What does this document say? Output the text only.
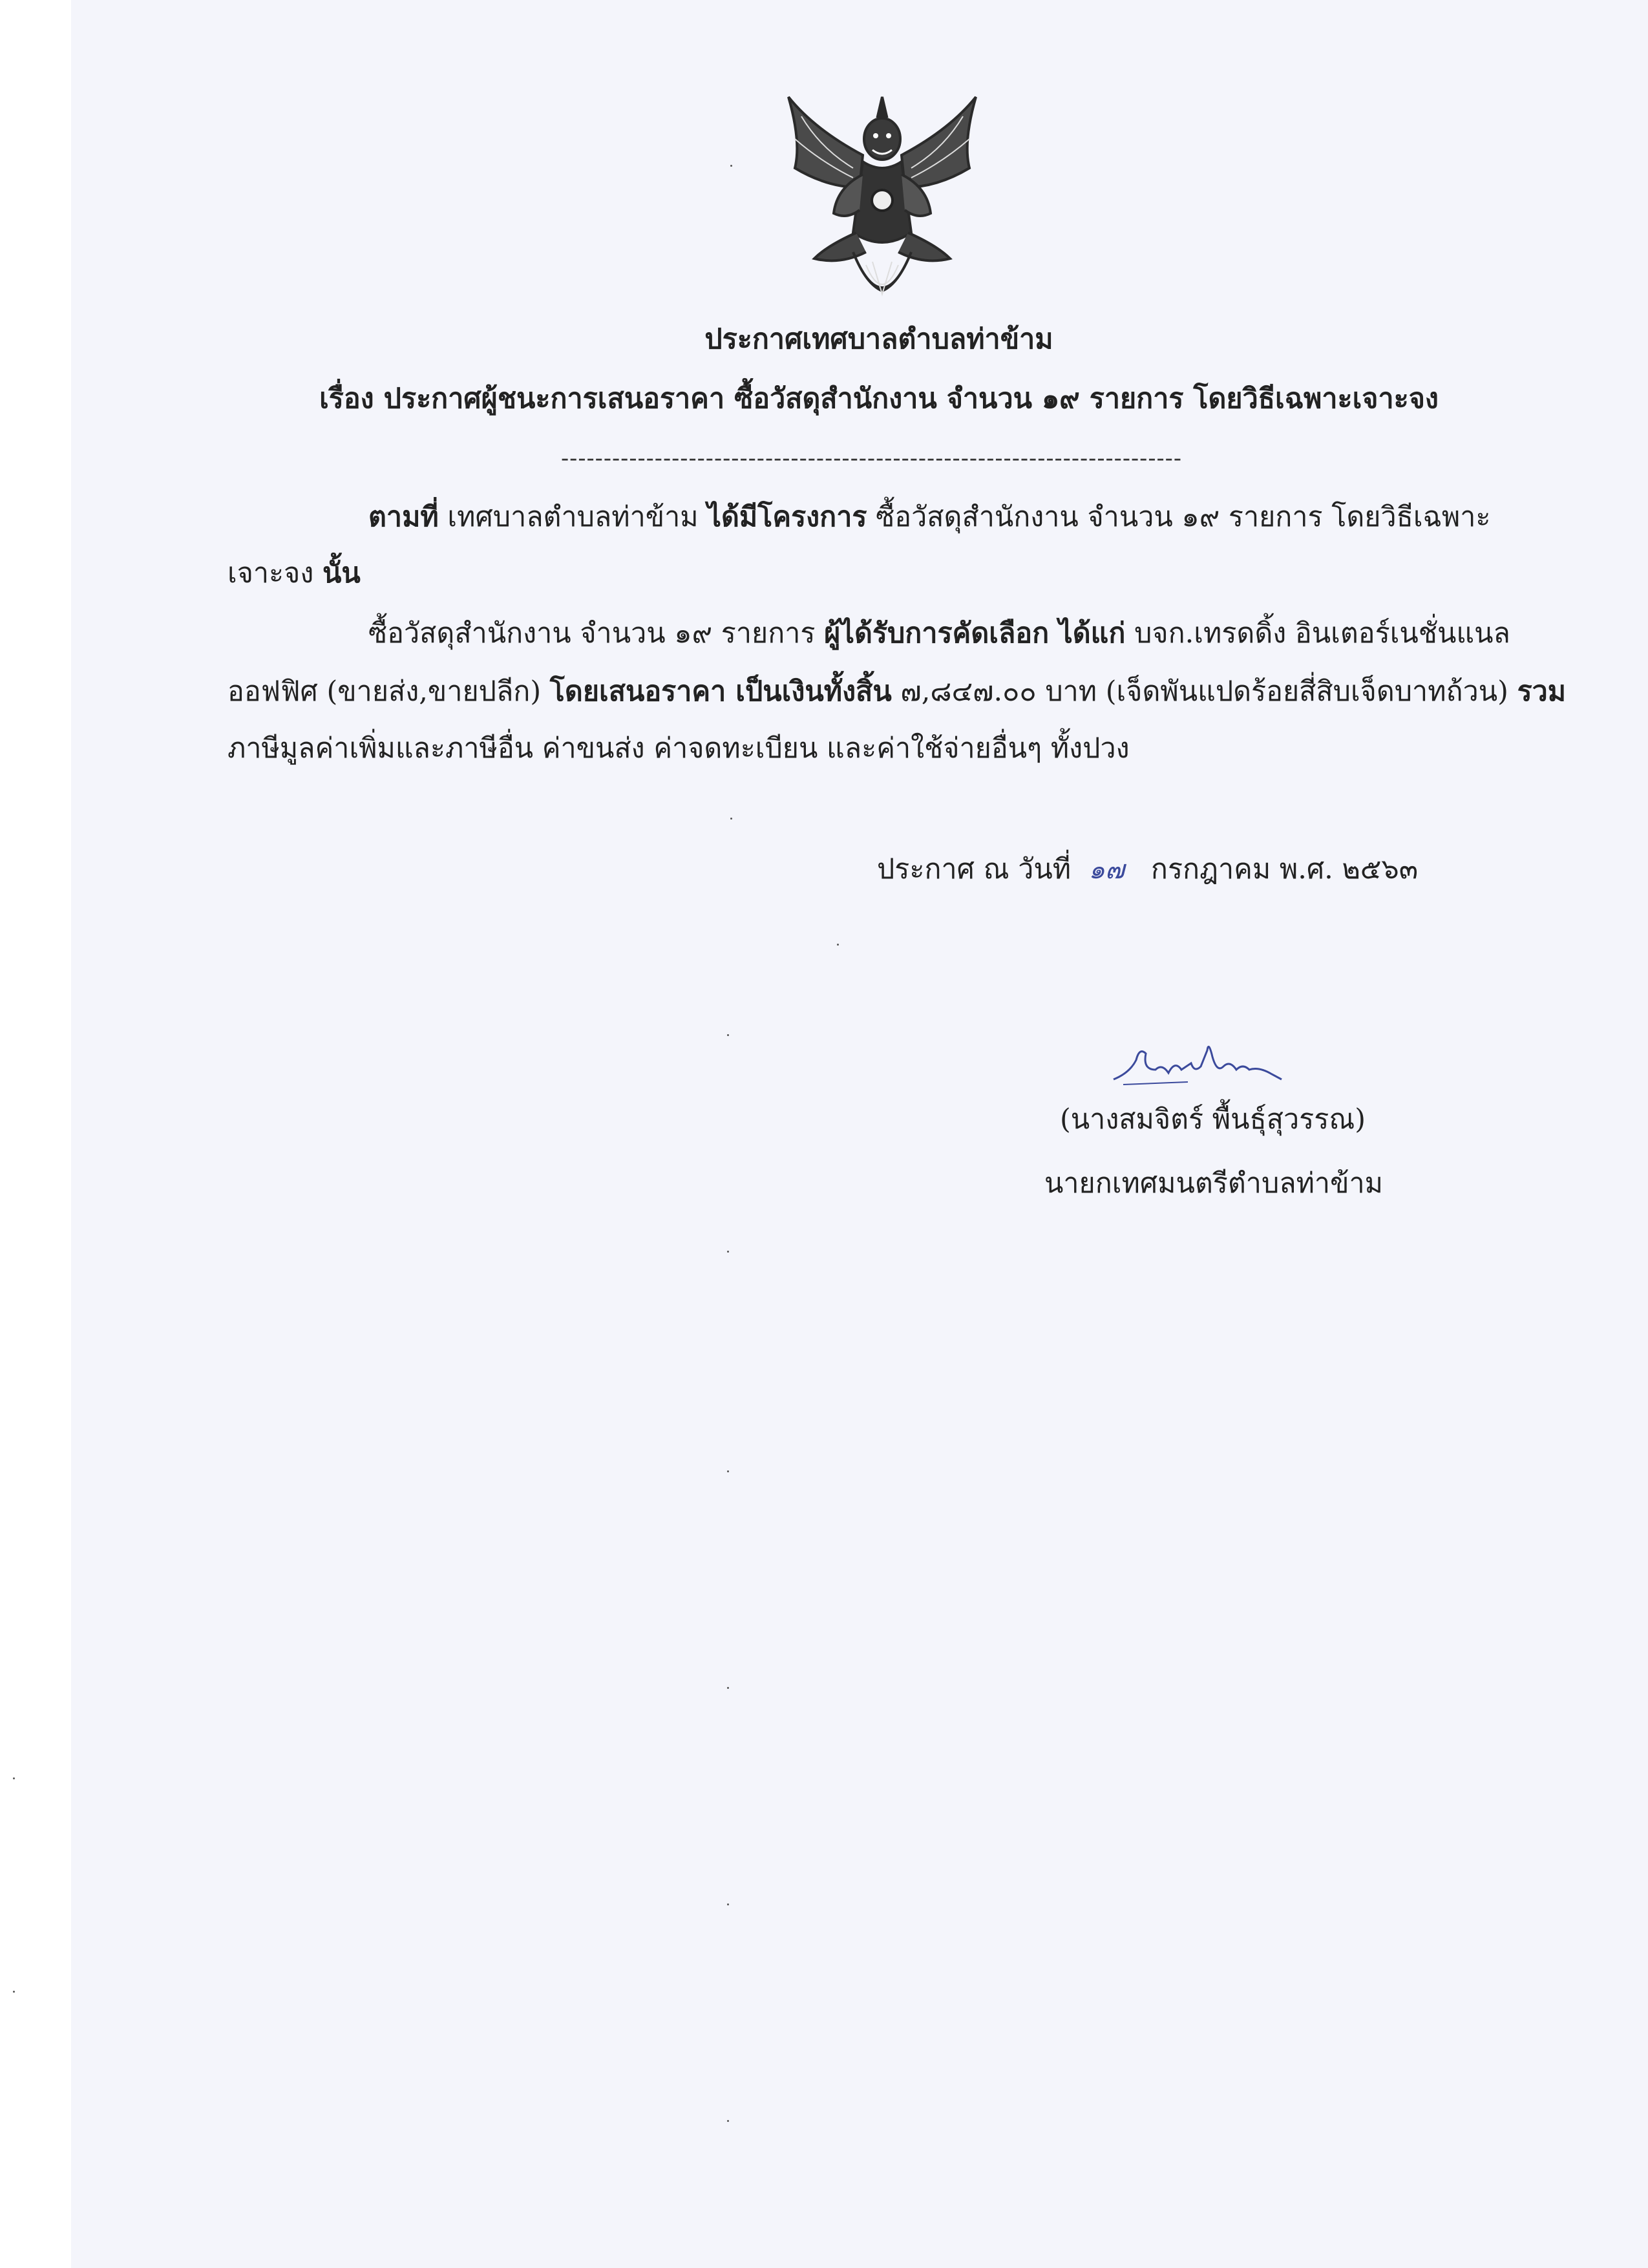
ประกาศเทศบาลตำบลท่าข้าม
เรื่อง ประกาศผู้ชนะการเสนอราคา ซื้อวัสดุสำนักงาน จำนวน ๑๙ รายการ โดยวิธีเฉพาะเจาะจง
-------------------------------------------------------------------------
ตามที่ เทศบาลตำบลท่าข้าม ได้มีโครงการ ซื้อวัสดุสำนักงาน จำนวน ๑๙ รายการ โดยวิธีเฉพาะ
เจาะจง นั้น
ซื้อวัสดุสำนักงาน จำนวน ๑๙ รายการ ผู้ได้รับการคัดเลือก ได้แก่ บจก.เทรดดิ้ง อินเตอร์เนชั่นแนล
ออฟฟิศ (ขายส่ง,ขายปลีก) โดยเสนอราคา เป็นเงินทั้งสิ้น ๗,๘๔๗.๐๐ บาท (เจ็ดพันแปดร้อยสี่สิบเจ็ดบาทถ้วน) รวม
ภาษีมูลค่าเพิ่มและภาษีอื่น ค่าขนส่ง ค่าจดทะเบียน และค่าใช้จ่ายอื่นๆ ทั้งปวง
ประกาศ ณ วันที่ ๑๗ กรกฎาคม พ.ศ. ๒๕๖๓
(นางสมจิตร์ พื้นธุ์สุวรรณ)
นายกเทศมนตรีตำบลท่าข้าม
